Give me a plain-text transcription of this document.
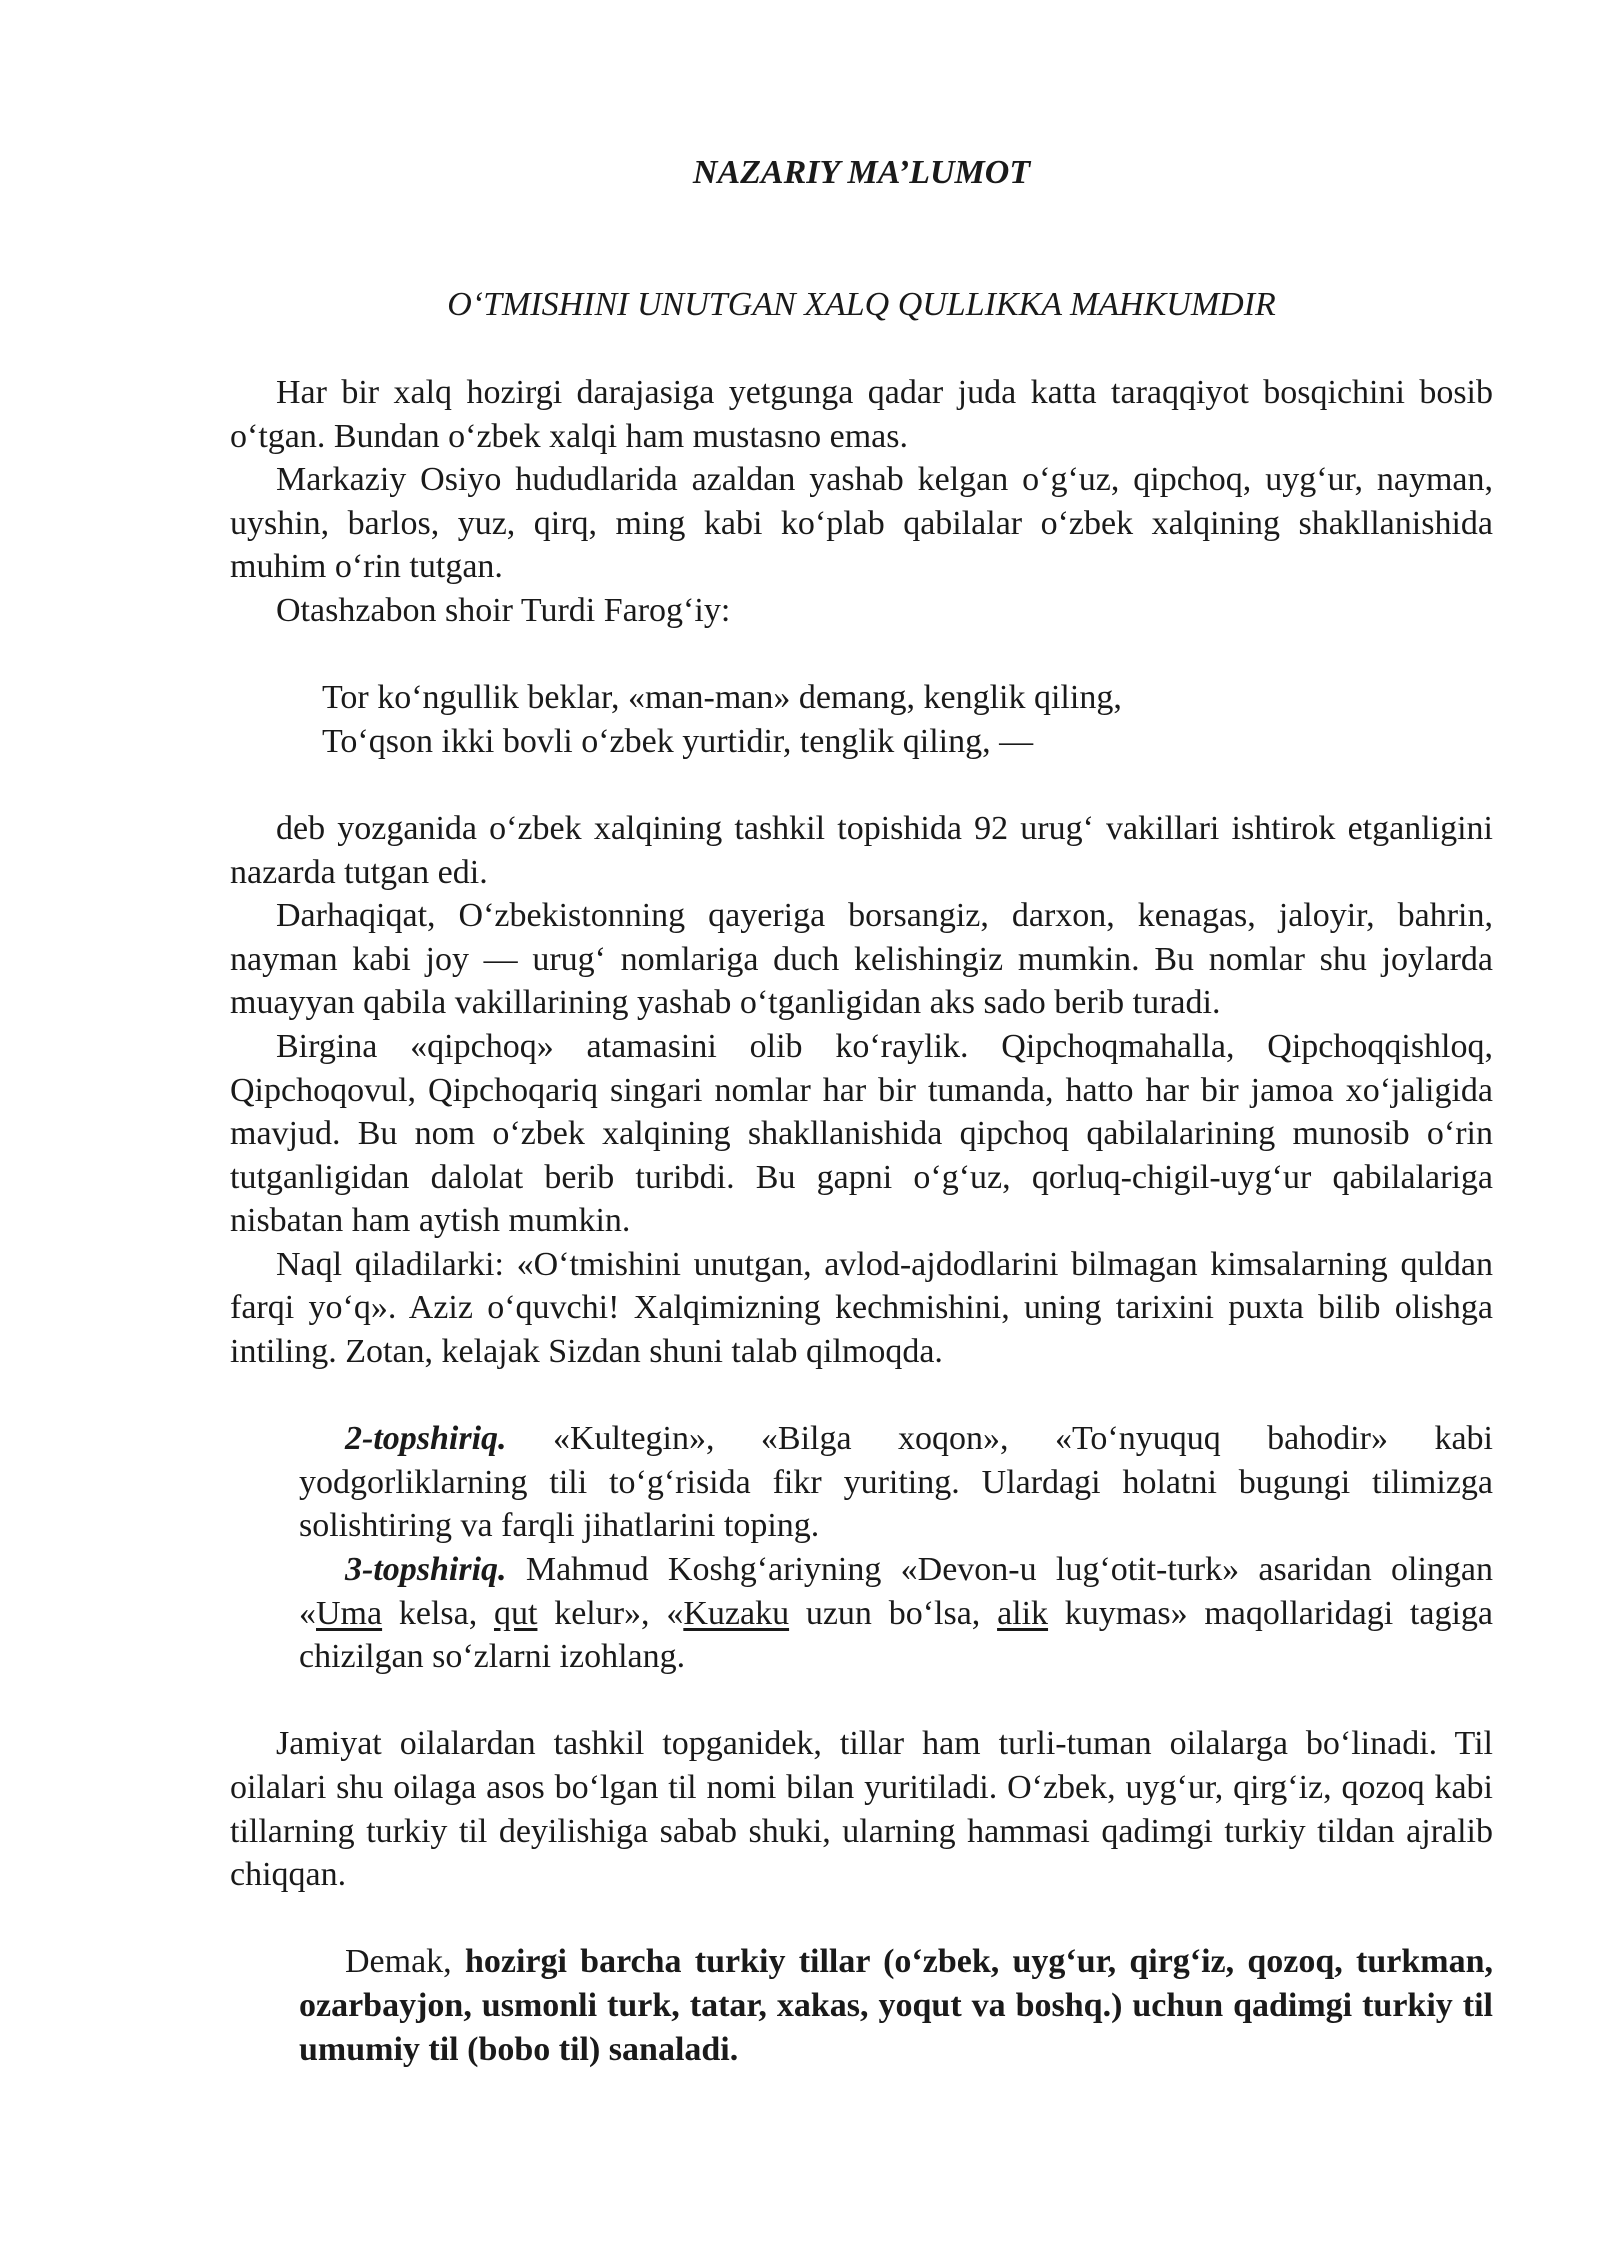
NAZARIY MA’LUMOT
O‘TMISHINI UNUTGAN XALQ QULLIKKA MAHKUMDIR

Har bir xalq hozirgi darajasiga yetgunga qadar juda katta taraqqiyot bosqichini bosib o‘tgan. Bundan o‘zbek xalqi ham mustasno emas.

Markaziy Osiyo hududlarida azaldan yashab kelgan o‘g‘uz, qipchoq, uyg‘ur, nayman, uyshin, barlos, yuz, qirq, ming kabi ko‘plab qabilalar o‘zbek xalqining shakllanishida muhim o‘rin tutgan.

Otashzabon shoir Turdi Farog‘iy:

Tor ko‘ngullik beklar, «man-man» demang, kenglik qiling,
To‘qson ikki bovli o‘zbek yurtidir, tenglik qiling, —

deb yozganida o‘zbek xalqining tashkil topishida 92 urug‘ vakillari ishtirok etganligini nazarda tutgan edi.

Darhaqiqat, O‘zbekistonning qayeriga borsangiz, darxon, kenagas, jaloyir, bahrin, nayman kabi joy — urug‘ nomlariga duch kelishingiz mumkin. Bu nomlar shu joylarda muayyan qabila vakillarining yashab o‘tganligidan aks sado berib turadi.

Birgina «qipchoq» atamasini olib ko‘raylik. Qipchoqmahalla, Qipchoqqishloq, Qipchoqovul, Qipchoqariq singari nomlar har bir tumanda, hatto har bir jamoa xo‘jaligida mavjud. Bu nom o‘zbek xalqining shakllanishida qipchoq qabilalarining munosib o‘rin tutganligidan dalolat berib turibdi. Bu gapni o‘g‘uz, qorluq-chigil-uyg‘ur qabilalariga nisbatan ham aytish mumkin.

Naql qiladilarki: «O‘tmishini unutgan, avlod-ajdodlarini bilmagan kimsalarning quldan farqi yo‘q». Aziz o‘quvchi! Xalqimizning kechmishini, uning tarixini puxta bilib olishga intiling. Zotan, kelajak Sizdan shuni talab qilmoqda.

2-topshiriq. «Kultegin», «Bilga xoqon», «To‘nyuquq bahodir» kabi yodgorliklarning tili to‘g‘risida fikr yuriting. Ulardagi holatni bugungi tilimizga solishtiring va farqli jihatlarini toping.

3-topshiriq. Mahmud Koshg‘ariyning «Devon-u lug‘otit-turk» asaridan olingan «Uma kelsa, qut kelur», «Kuzaku uzun bo‘lsa, alik kuymas» maqollaridagi tagiga chizilgan so‘zlarni izohlang.

Jamiyat oilalardan tashkil topganidek, tillar ham turli-tuman oilalarga bo‘linadi. Til oilalari shu oilaga asos bo‘lgan til nomi bilan yuritiladi. O‘zbek, uyg‘ur, qirg‘iz, qozoq kabi tillarning turkiy til deyilishiga sabab shuki, ularning hammasi qadimgi turkiy tildan ajralib chiqqan.

Demak, hozirgi barcha turkiy tillar (o‘zbek, uyg‘ur, qirg‘iz, qozoq, turkman, ozarbayjon, usmonli turk, tatar, xakas, yoqut va boshq.) uchun qadimgi turkiy til umumiy til (bobo til) sanaladi.
